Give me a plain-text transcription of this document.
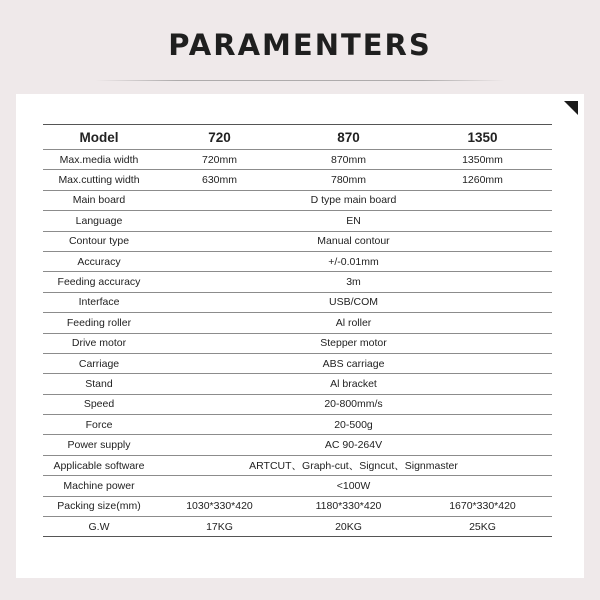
PARAMENTERS
Model	720	870	1350
Max.media width	720mm	870mm	1350mm
Max.cutting width	630mm	780mm	1260mm
Main board	D type main board		
Language	EN		
Contour type	Manual contour		
Accuracy	+/-0.01mm		
Feeding accuracy	3m		
Interface	USB/COM		
Feeding roller	Al roller		
Drive motor	Stepper motor		
Carriage	ABS carriage		
Stand	Al bracket		
Speed	20-800mm/s		
Force	20-500g		
Power supply	AC 90-264V		
Applicable software	ARTCUT、Graph-cut、Signcut、Signmaster		
Machine power	<100W		
Packing size(mm)	1030*330*420	1180*330*420	1670*330*420
G.W	17KG	20KG	25KG
